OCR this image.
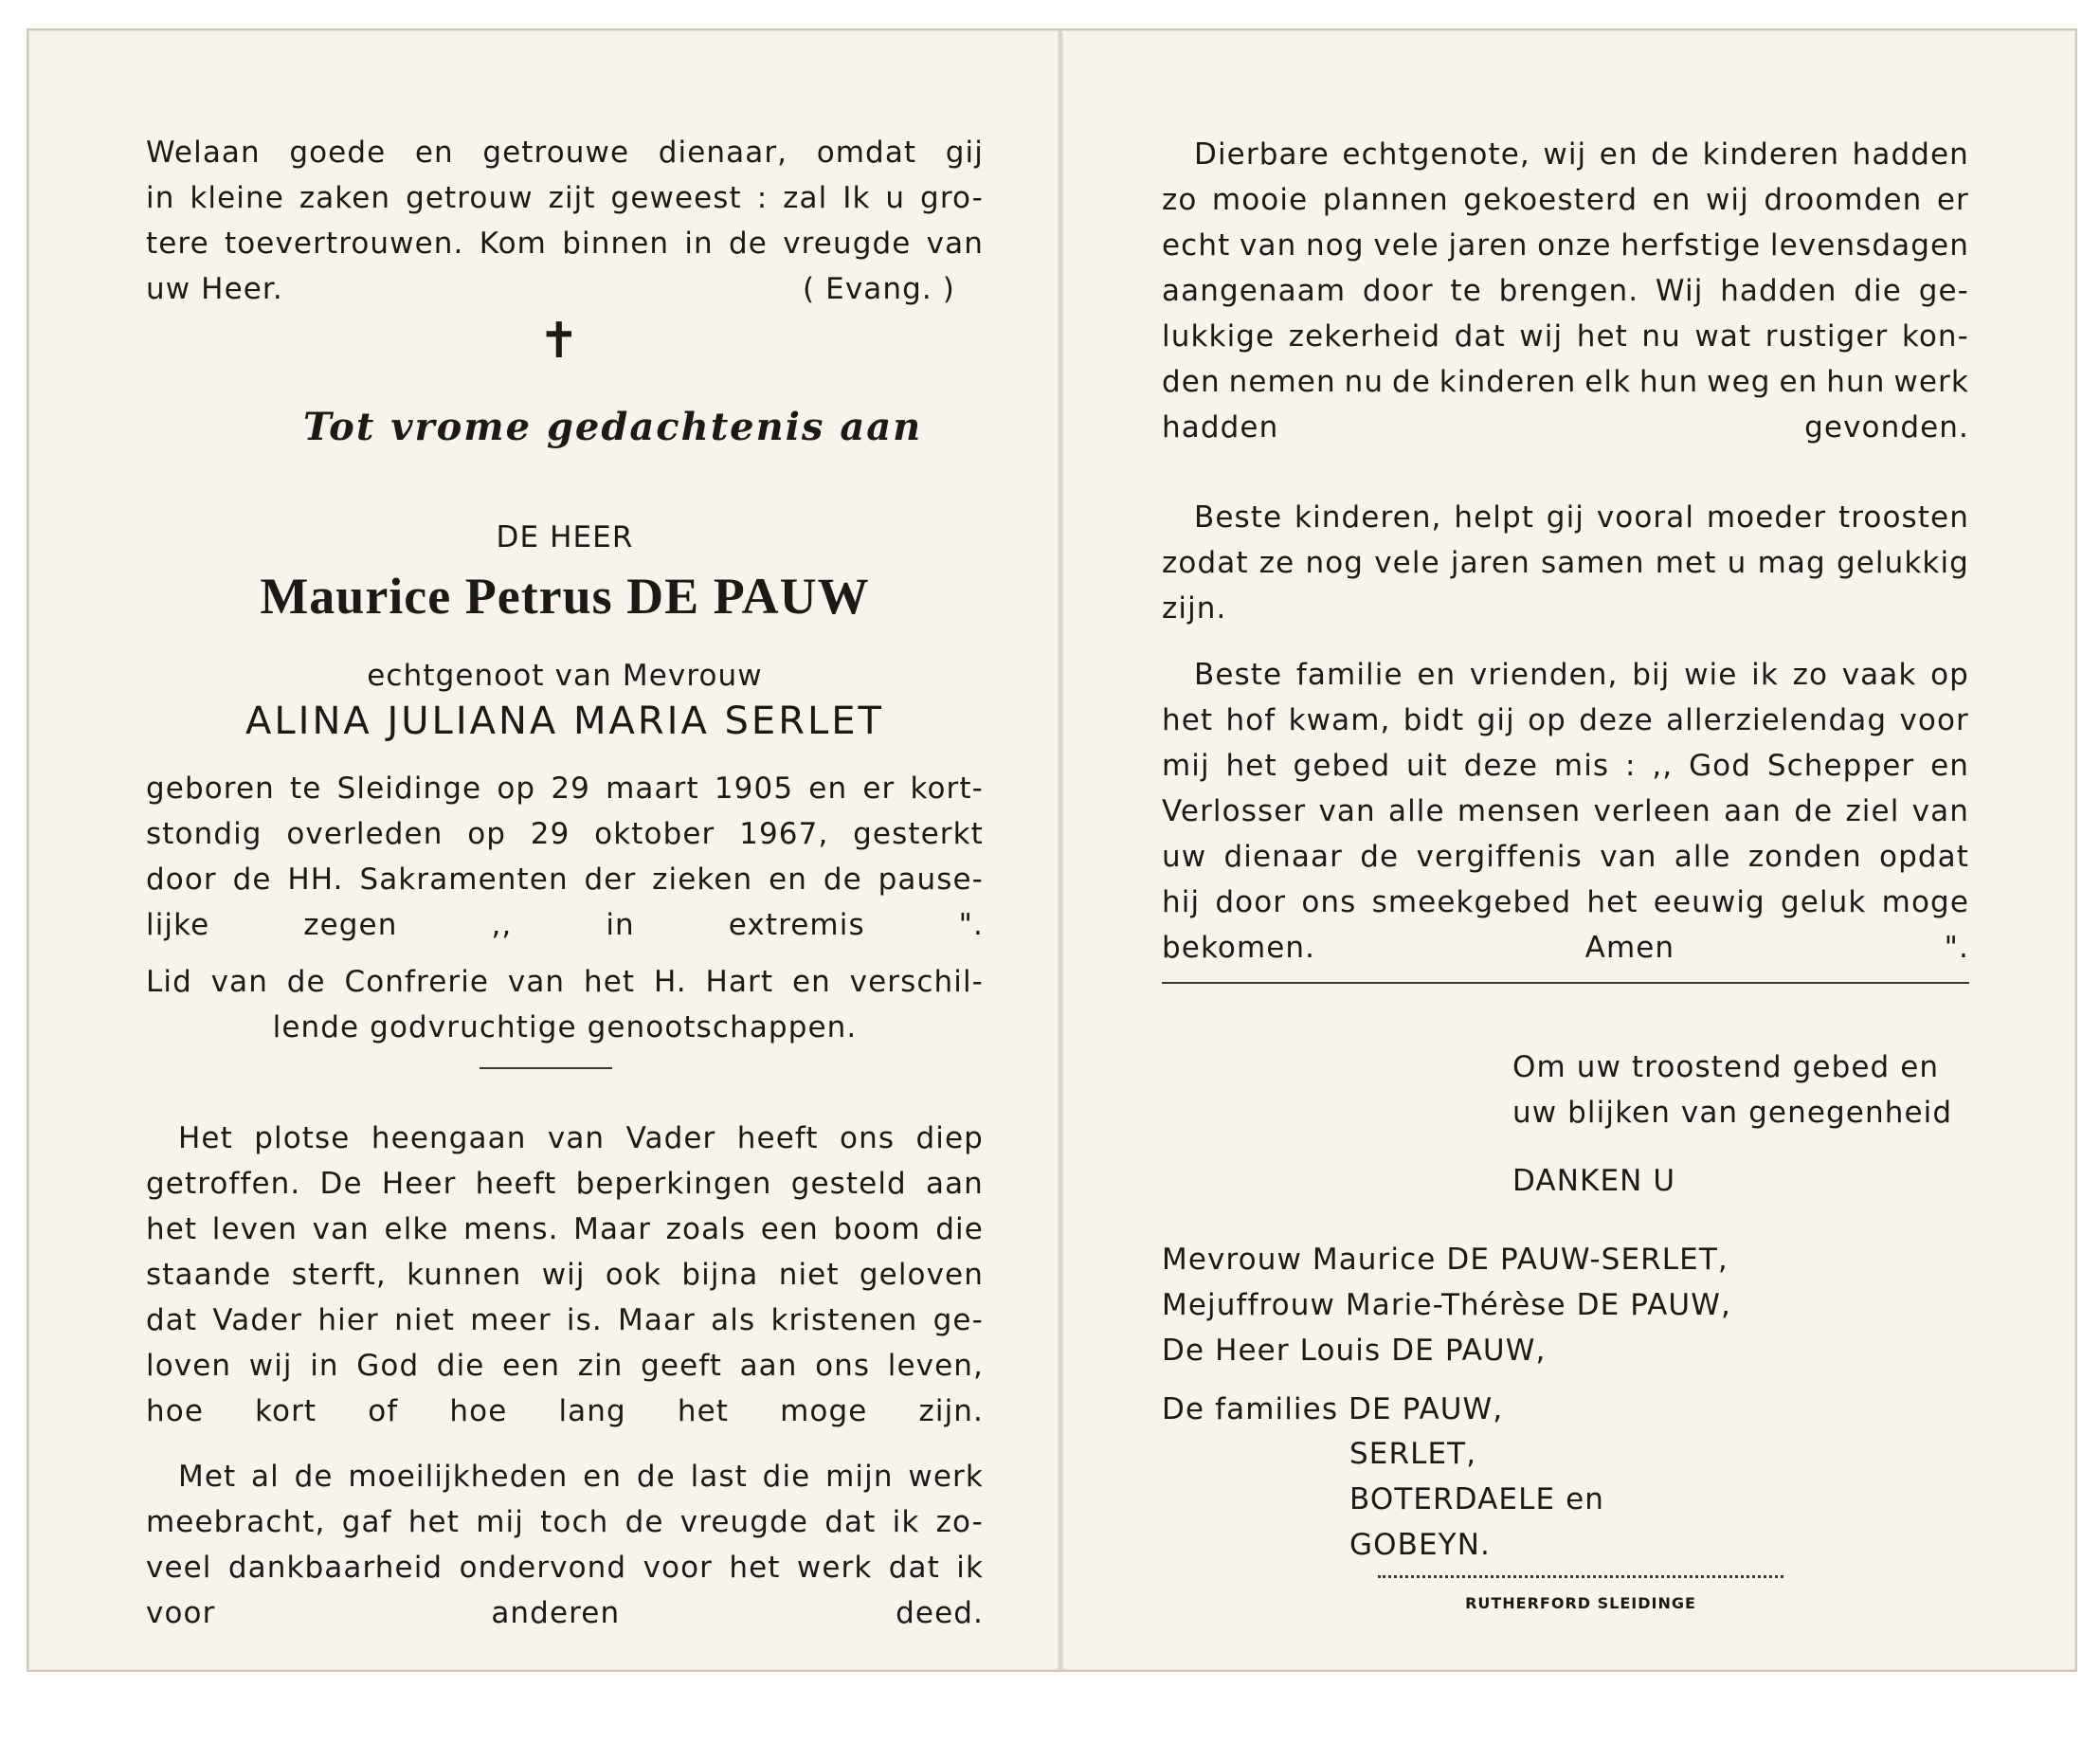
Welaan goede en getrouwe dienaar, omdat gij
in kleine zaken getrouw zijt geweest : zal Ik u gro-
tere toevertrouwen. Kom binnen in de vreugde van
uw Heer.	( Evang. )
✝
Tot vrome gedachtenis aan
DE HEER
Maurice Petrus DE PAUW
echtgenoot van Mevrouw
ALINA JULIANA MARIA SERLET
geboren te Sleidinge op 29 maart 1905 en er kort-
stondig overleden op 29 oktober 1967, gesterkt
door de HH. Sakramenten der zieken en de pause-
lijke zegen ,, in extremis ".
Lid van de Confrerie van het H. Hart en verschil-
lende godvruchtige genootschappen.
Het plotse heengaan van Vader heeft ons diep
getroffen. De Heer heeft beperkingen gesteld aan
het leven van elke mens. Maar zoals een boom die
staande sterft, kunnen wij ook bijna niet geloven
dat Vader hier niet meer is. Maar als kristenen ge-
loven wij in God die een zin geeft aan ons leven,
hoe kort of hoe lang het moge zijn.
Met al de moeilijkheden en de last die mijn werk
meebracht, gaf het mij toch de vreugde dat ik zo-
veel dankbaarheid ondervond voor het werk dat ik
voor anderen deed.
Dierbare echtgenote, wij en de kinderen hadden
zo mooie plannen gekoesterd en wij droomden er
echt van nog vele jaren onze herfstige levensdagen
aangenaam door te brengen. Wij hadden die ge-
lukkige zekerheid dat wij het nu wat rustiger kon-
den nemen nu de kinderen elk hun weg en hun werk
hadden gevonden.
Beste kinderen, helpt gij vooral moeder troosten
zodat ze nog vele jaren samen met u mag gelukkig
zijn.
Beste familie en vrienden, bij wie ik zo vaak op
het hof kwam, bidt gij op deze allerzielendag voor
mij het gebed uit deze mis : ,, God Schepper en
Verlosser van alle mensen verleen aan de ziel van
uw dienaar de vergiffenis van alle zonden opdat
hij door ons smeekgebed het eeuwig geluk moge
bekomen. Amen ".
Om uw troostend gebed en
uw blijken van genegenheid
DANKEN U
Mevrouw Maurice DE PAUW-SERLET,
Mejuffrouw Marie-Thérèse DE PAUW,
De Heer Louis DE PAUW,
De families DE PAUW,
SERLET,
BOTERDAELE en
GOBEYN.
RUTHERFORD SLEIDINGE
